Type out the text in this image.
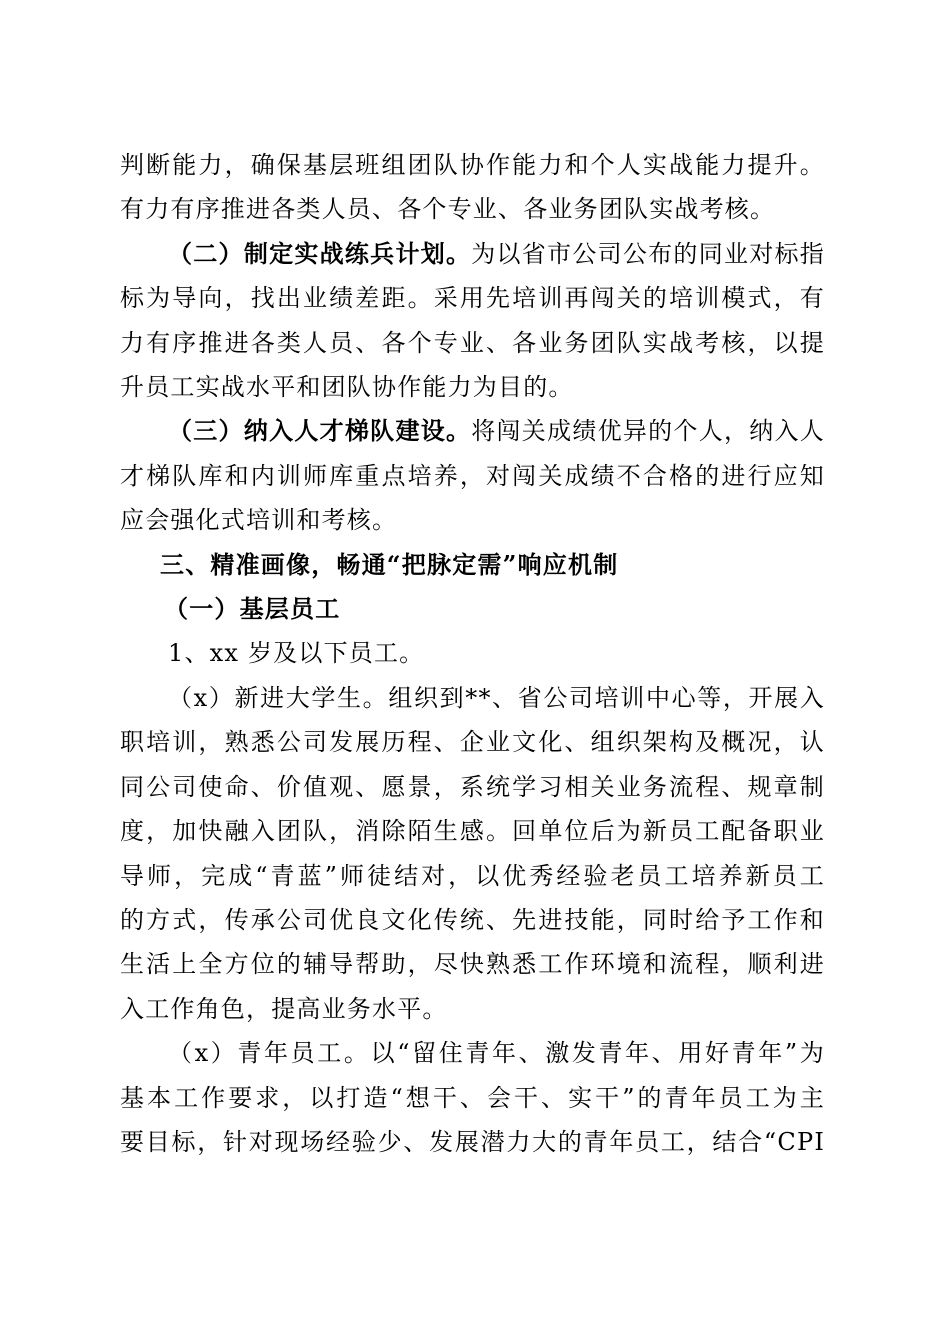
判断能力，确保基层班组团队协作能力和个人实战能力提升。

有力有序推进各类人员、各个专业、各业务团队实战考核。

（二）制定实战练兵计划。为以省市公司公布的同业对标指

标为导向，找出业绩差距。采用先培训再闯关的培训模式，有

力有序推进各类人员、各个专业、各业务团队实战考核，以提

升员工实战水平和团队协作能力为目的。

（三）纳入人才梯队建设。将闯关成绩优异的个人，纳入人

才梯队库和内训师库重点培养，对闯关成绩不合格的进行应知

应会强化式培训和考核。

三、精准画像，畅通“把脉定需”响应机制

（一）基层员工

1、xx 岁及以下员工。

（x）新进大学生。组织到**、省公司培训中心等，开展入

职培训，熟悉公司发展历程、企业文化、组织架构及概况，认

同公司使命、价值观、愿景，系统学习相关业务流程、规章制

度，加快融入团队，消除陌生感。回单位后为新员工配备职业

导师，完成“青蓝”师徒结对，以优秀经验老员工培养新员工

的方式，传承公司优良文化传统、先进技能，同时给予工作和

生活上全方位的辅导帮助，尽快熟悉工作环境和流程，顺利进

入工作角色，提高业务水平。

（x）青年员工。以“留住青年、激发青年、用好青年”为

基本工作要求，以打造“想干、会干、实干”的青年员工为主

要目标，针对现场经验少、发展潜力大的青年员工，结合“CPI
